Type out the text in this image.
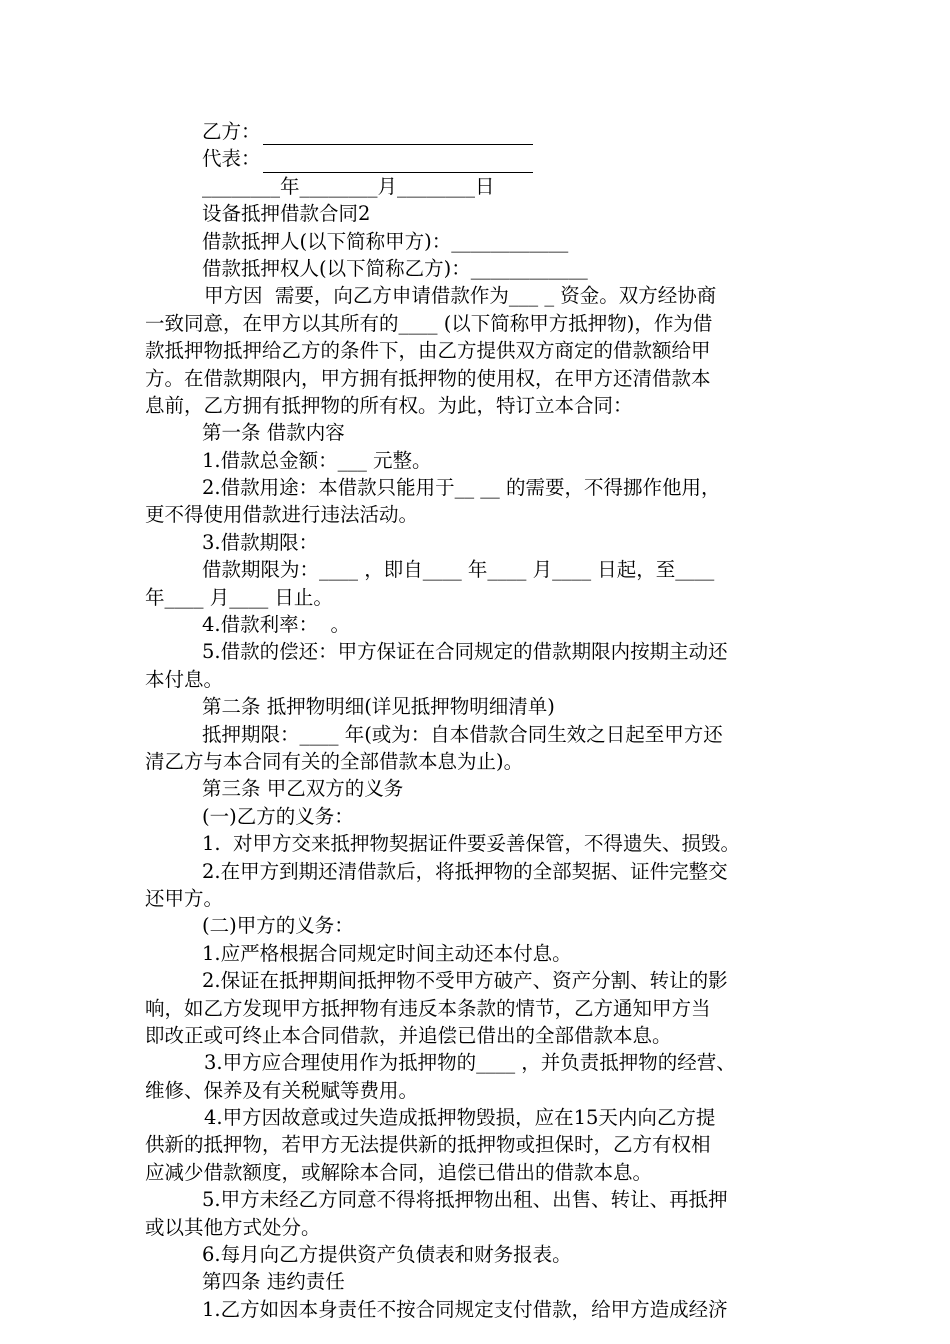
乙方：
代表：
________年________月________日
设备抵押借款合同2
借款抵押人(以下简称甲方)：____________
借款抵押权人(以下简称乙方)：____________
甲方因  需要，向乙方申请借款作为___ _ 资金。双方经协商
一致同意，在甲方以其所有的____ (以下简称甲方抵押物)，作为借
款抵押物抵押给乙方的条件下，由乙方提供双方商定的借款额给甲
方。在借款期限内，甲方拥有抵押物的使用权，在甲方还清借款本
息前，乙方拥有抵押物的所有权。为此，特订立本合同：
第一条 借款内容
1.借款总金额：___ 元整。
2.借款用途：本借款只能用于__ __ 的需要，不得挪作他用，
更不得使用借款进行违法活动。
3.借款期限：
借款期限为：____ ，即自____ 年____ 月____ 日起，至____
年____ 月____ 日止。
4.借款利率：  。
5.借款的偿还：甲方保证在合同规定的借款期限内按期主动还
本付息。
第二条 抵押物明细(详见抵押物明细清单)
抵押期限：____ 年(或为：自本借款合同生效之日起至甲方还
清乙方与本合同有关的全部借款本息为止)。
第三条 甲乙双方的义务
(一)乙方的义务：
1.  对甲方交来抵押物契据证件要妥善保管，不得遗失、损毁。
2.在甲方到期还清借款后，将抵押物的全部契据、证件完整交
还甲方。
(二)甲方的义务：
1.应严格根据合同规定时间主动还本付息。
2.保证在抵押期间抵押物不受甲方破产、资产分割、转让的影
响，如乙方发现甲方抵押物有违反本条款的情节，乙方通知甲方当
即改正或可终止本合同借款，并追偿已借出的全部借款本息。
3.甲方应合理使用作为抵押物的____ ，并负责抵押物的经营、
维修、保养及有关税赋等费用。
4.甲方因故意或过失造成抵押物毁损，应在15天内向乙方提
供新的抵押物，若甲方无法提供新的抵押物或担保时，乙方有权相
应减少借款额度，或解除本合同，追偿已借出的借款本息。
5.甲方未经乙方同意不得将抵押物出租、出售、转让、再抵押
或以其他方式处分。
6.每月向乙方提供资产负债表和财务报表。
第四条 违约责任
1.乙方如因本身责任不按合同规定支付借款，给甲方造成经济
